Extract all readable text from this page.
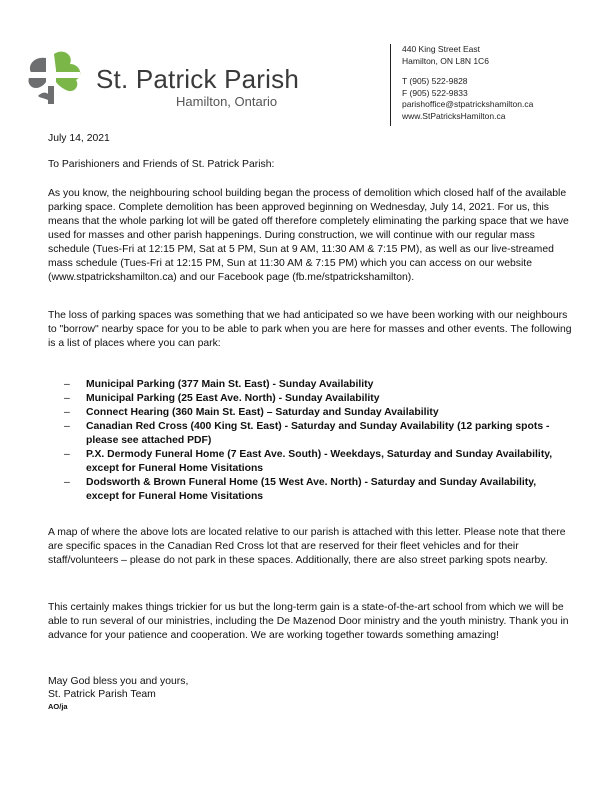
St. Patrick Parish
Hamilton, Ontario
440 King Street East
Hamilton, ON L8N 1C6
T (905) 522-9828
F (905) 522-9833
parishoffice@stpatrickshamilton.ca
www.StPatricksHamilton.ca
July 14, 2021
To Parishioners and Friends of St. Patrick Parish:
As you know, the neighbouring school building began the process of demolition which closed half of the available parking space. Complete demolition has been approved beginning on Wednesday, July 14, 2021. For us, this means that the whole parking lot will be gated off therefore completely eliminating the parking space that we have used for masses and other parish happenings. During construction, we will continue with our regular mass schedule (Tues-Fri at 12:15 PM, Sat at 5 PM, Sun at 9 AM, 11:30 AM & 7:15 PM), as well as our live-streamed mass schedule (Tues-Fri at 12:15 PM, Sun at 11:30 AM & 7:15 PM) which you can access on our website (www.stpatrickshamilton.ca) and our Facebook page (fb.me/stpatrickshamilton).
The loss of parking spaces was something that we had anticipated so we have been working with our neighbours to "borrow" nearby space for you to be able to park when you are here for masses and other events. The following is a list of places where you can park:
– Municipal Parking (377 Main St. East) - Sunday Availability
– Municipal Parking (25 East Ave. North) - Sunday Availability
– Connect Hearing (360 Main St. East) – Saturday and Sunday Availability
– Canadian Red Cross (400 King St. East) - Saturday and Sunday Availability (12 parking spots - please see attached PDF)
– P.X. Dermody Funeral Home (7 East Ave. South) - Weekdays, Saturday and Sunday Availability, except for Funeral Home Visitations
– Dodsworth & Brown Funeral Home (15 West Ave. North) - Saturday and Sunday Availability, except for Funeral Home Visitations
A map of where the above lots are located relative to our parish is attached with this letter. Please note that there are specific spaces in the Canadian Red Cross lot that are reserved for their fleet vehicles and for their staff/volunteers – please do not park in these spaces. Additionally, there are also street parking spots nearby.
This certainly makes things trickier for us but the long-term gain is a state-of-the-art school from which we will be able to run several of our ministries, including the De Mazenod Door ministry and the youth ministry. Thank you in advance for your patience and cooperation. We are working together towards something amazing!
May God bless you and yours,
St. Patrick Parish Team
AO/ja
